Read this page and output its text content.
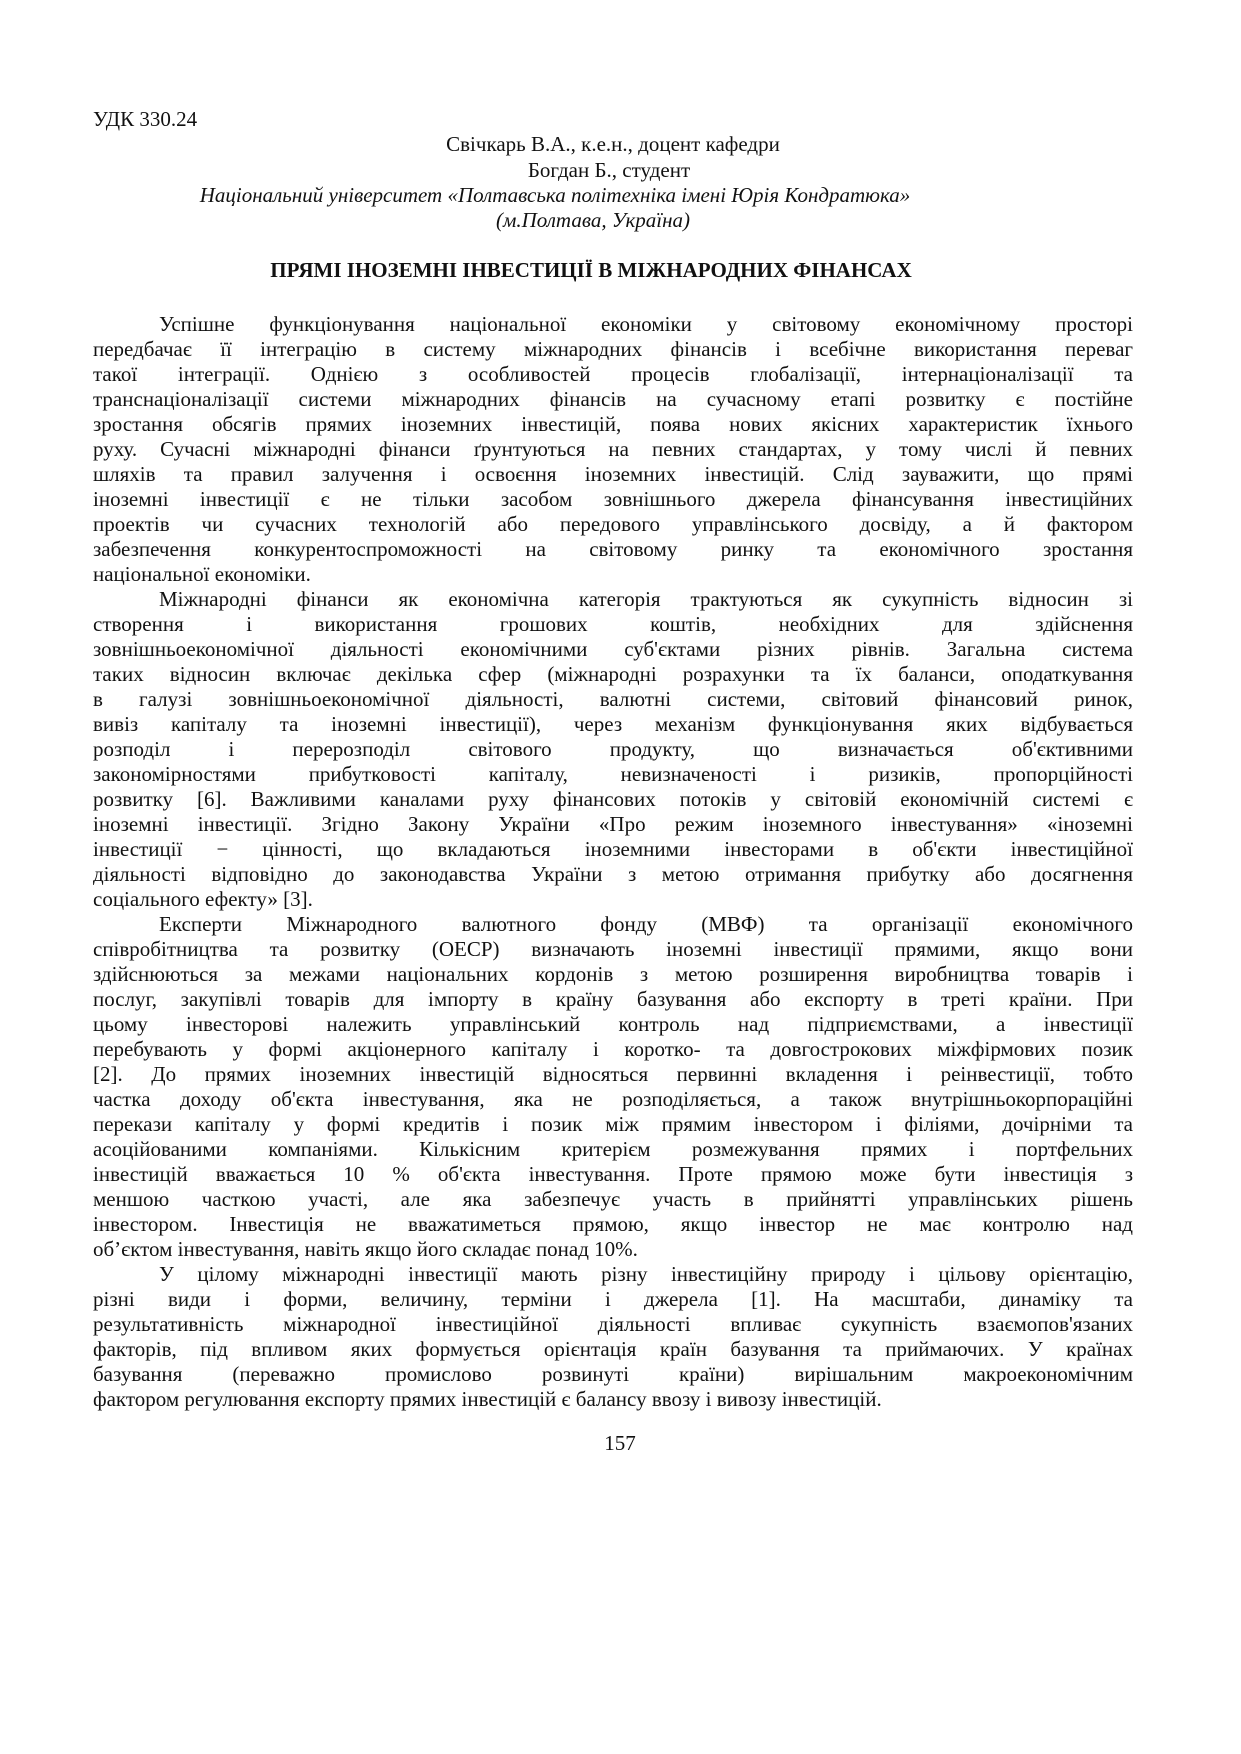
УДК 330.24
Свічкарь В.А., к.е.н., доцент кафедри
Богдан Б., студент
Національний університет «Полтавська політехніка імені Юрія Кондратюка»
(м.Полтава, Україна)
ПРЯМІ ІНОЗЕМНІ ІНВЕСТИЦІЇ В МІЖНАРОДНИХ ФІНАНСАХ
Успішне функціонування національної економіки у світовому економічному просторі
передбачає її інтеграцію в систему міжнародних фінансів і всебічне використання переваг
такої інтеграції. Однією з особливостей процесів глобалізації, інтернаціоналізації та
транснаціоналізації системи міжнародних фінансів на сучасному етапі розвитку є постійне
зростання обсягів прямих іноземних інвестицій, поява нових якісних характеристик їхнього
руху. Сучасні міжнародні фінанси ґрунтуються на певних стандартах, у тому числі й певних
шляхів та правил залучення і освоєння іноземних інвестицій. Слід зауважити, що прямі
іноземні інвестиції є не тільки засобом зовнішнього джерела фінансування інвестиційних
проектів чи сучасних технологій або передового управлінського досвіду, а й фактором
забезпечення конкурентоспроможності на світовому ринку та економічного зростання
національної економіки.
Міжнародні фінанси як економічна категорія трактуються як сукупність відносин зі
створення і використання грошових коштів, необхідних для здійснення
зовнішньоекономічної діяльності економічними суб'єктами різних рівнів. Загальна система
таких відносин включає декілька сфер (міжнародні розрахунки та їх баланси, оподаткування
в галузі зовнішньоекономічної діяльності, валютні системи, світовий фінансовий ринок,
вивіз капіталу та іноземні інвестиції), через механізм функціонування яких відбувається
розподіл і перерозподіл світового продукту, що визначається об'єктивними
закономірностями прибутковості капіталу, невизначеності і ризиків, пропорційності
розвитку [6]. Важливими каналами руху фінансових потоків у світовій економічній системі є
іноземні інвестиції. Згідно Закону України «Про режим іноземного інвестування» «іноземні
інвестиції − цінності, що вкладаються іноземними інвесторами в об'єкти інвестиційної
діяльності відповідно до законодавства України з метою отримання прибутку або досягнення
соціального ефекту» [3].
Експерти Міжнародного валютного фонду (МВФ) та організації економічного
співробітництва та розвитку (ОЕСР) визначають іноземні інвестиції прямими, якщо вони
здійснюються за межами національних кордонів з метою розширення виробництва товарів і
послуг, закупівлі товарів для імпорту в країну базування або експорту в треті країни. При
цьому інвесторові належить управлінський контроль над підприємствами, а інвестиції
перебувають у формі акціонерного капіталу і коротко- та довгострокових міжфірмових позик
[2]. До прямих іноземних інвестицій відносяться первинні вкладення і реінвестиції, тобто
частка доходу об'єкта інвестування, яка не розподіляється, а також внутрішньокорпораційні
перекази капіталу у формі кредитів і позик між прямим інвестором і філіями, дочірніми та
асоційованими компаніями. Кількісним критерієм розмежування прямих і портфельних
інвестицій вважається 10 % об'єкта інвестування. Проте прямою може бути інвестиція з
меншою часткою участі, але яка забезпечує участь в прийнятті управлінських рішень
інвестором. Інвестиція не вважатиметься прямою, якщо інвестор не має контролю над
об’єктом інвестування, навіть якщо його складає понад 10%.
У цілому міжнародні інвестиції мають різну інвестиційну природу і цільову орієнтацію,
різні види і форми, величину, терміни і джерела [1]. На масштаби, динаміку та
результативність міжнародної інвестиційної діяльності впливає сукупність взаємопов'язаних
факторів, під впливом яких формується орієнтація країн базування та приймаючих. У країнах
базування (переважно промислово розвинуті країни) вирішальним макроекономічним
фактором регулювання експорту прямих інвестицій є балансу ввозу і вивозу інвестицій.
157
